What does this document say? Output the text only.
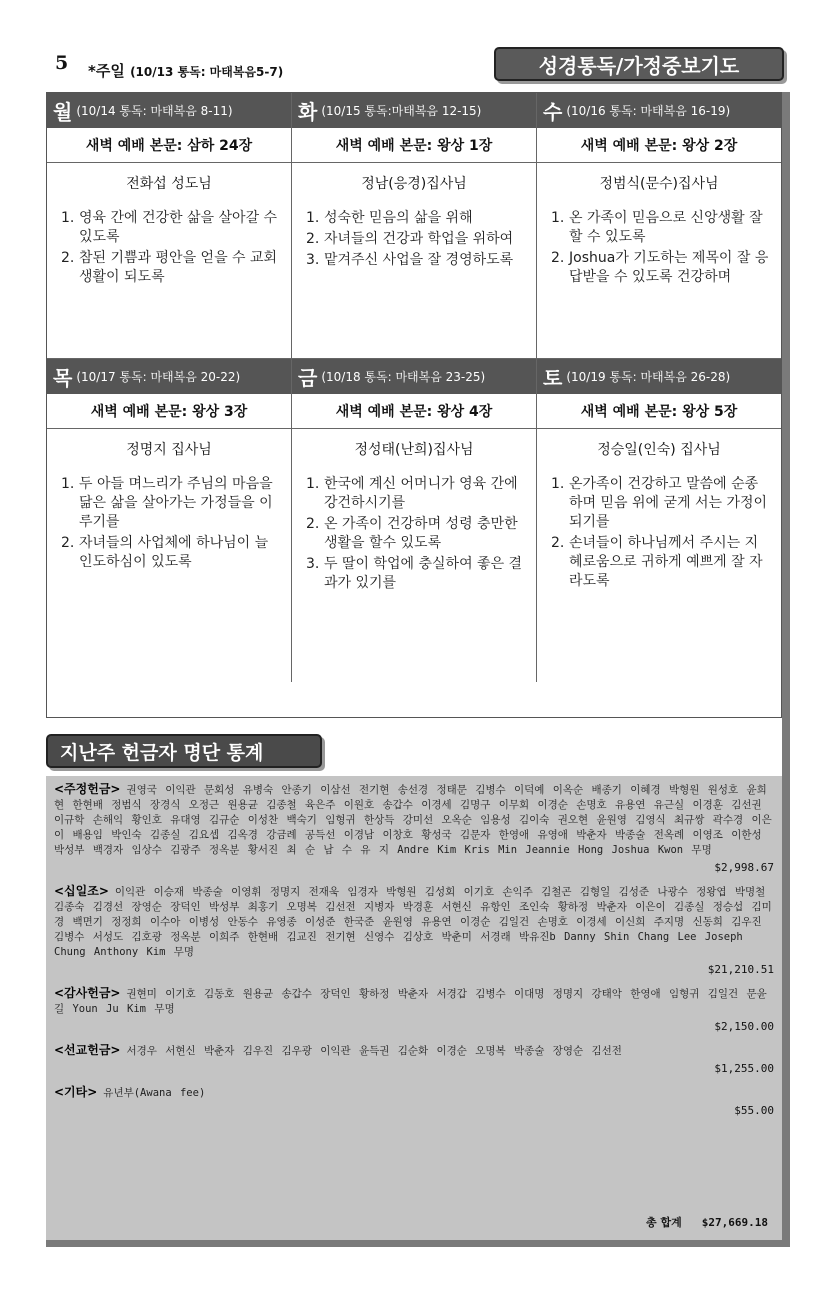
5 *주일 (10/13 통독: 마태복음5-7)	성경통독/가정중보기도
월 (10/14 통독: 마태복음 8-11)
새벽 예배 본문: 삼하 24장
전화섭 성도님
1. 영육 간에 건강한 삶을 살아갈 수 있도록
2. 참된 기쁨과 평안을 얻을 수 교회 생활이 되도록
화 (10/15 통독:마태복음 12-15)
새벽 예배 본문: 왕상 1장
정남(응경)집사님
1. 성숙한 믿음의 삶을 위해
2. 자녀들의 건강과 학업을 위하여
3. 맡겨주신 사업을 잘 경영하도록
수 (10/16 통독: 마태복음 16-19)
새벽 예배 본문: 왕상 2장
정범식(문수)집사님
1. 온 가족이 믿음으로 신앙생활 잘 할 수 있도록
2. Joshua가 기도하는 제목이 잘 응답받을 수 있도록 건강하며
목 (10/17 통독: 마태복음 20-22)
새벽 예배 본문: 왕상 3장
정명지 집사님
1. 두 아들 며느리가 주님의 마음을 닮은 삶을 살아가는 가정들을 이루기를
2. 자녀들의 사업체에 하나님이 늘 인도하심이 있도록
금 (10/18 통독: 마태복음 23-25)
새벽 예배 본문: 왕상 4장
정성태(난희)집사님
1. 한국에 계신 어머니가 영육 간에 강건하시기를
2. 온 가족이 건강하며 성령 충만한 생활을 할수 있도록
3. 두 딸이 학업에 충실하여 좋은 결과가 있기를
토 (10/19 통독: 마태복음 26-28)
새벽 예배 본문: 왕상 5장
정승일(인숙) 집사님
1. 온가족이 건강하고 말씀에 순종하며 믿음 위에 굳게 서는 가정이 되기를
2. 손녀들이 하나님께서 주시는 지혜로움으로 귀하게 예쁘게 잘 자라도록
지난주 헌금자 명단 통계
<주정헌금> 권영국 이익관 문회성 유병숙 안종기 이삼선 전기현 송선경 정태문 김병수 이덕예 이옥순 배종기 이혜경 박형원 원성호 윤희현 한현배 정범식 장경식 오정근 원용균 김종철 육은주 이원호 송갑수 이경세 김명구 이무회 이경순 손명호 유용연 유근실 이경훈 김선권 이규학 손해익 황인호 유대영 김규순 이성찬 백숙기 임형귀 한상득 강미선 오옥순 임용성 김이숙 권오현 윤원영 김영식 최규쌍 곽수경 이은이 배용임 박인숙 김종실 김요셉 김옥경 강금례 공득선 이경남 이창호 황성국 김문자 한영애 유영애 박춘자 박종술 전옥례 이영조 이한성 박성부 백경자 임상수 김광주 정옥분 황서진 최 순 남 수 유 지 Andre Kim Kris Min Jeannie Hong Joshua Kwon 무명
$2,998.67
<십일조> 이익관 이승재 박종술 이영휘 정명지 전재욱 임경자 박형원 김성회 이기호 손익주 김철곤 김형일 김성준 나광수 정왕엽 박명철 김종숙 김경선 장영순 장덕인 박성부 최홍기 오명복 김선전 지병자 박경훈 서현신 유항인 조인숙 황하정 박춘자 이은이 김종실 정승섭 김미경 백면기 정정희 이수아 이병성 안동수 유영종 이성준 한국준 윤원영 유용연 이경순 김일건 손명호 이경세 이신희 주지명 신동희 김우진 김병수 서성도 김호광 정옥분 이희주 한현배 김교진 전기현 신영수 김상호 박춘미 서경래 박유진b Danny Shin Chang Lee Joseph Chung Anthony Kim 무명
$21,210.51
<감사헌금> 권현미 이기호 김동호 원용균 송갑수 장덕인 황하정 박춘자 서경갑 김병수 이대명 정명지 강태악 한영애 임형귀 김일건 문윤길 Youn Ju Kim 무명
$2,150.00
<선교헌금> 서경우 서현신 박춘자 김우진 김우광 이익관 윤득권 김순화 이경순 오명복 박종술 장영순 김선전
$1,255.00
<기타> 유년부(Awana fee)
$55.00
총 합계 $27,669.18
